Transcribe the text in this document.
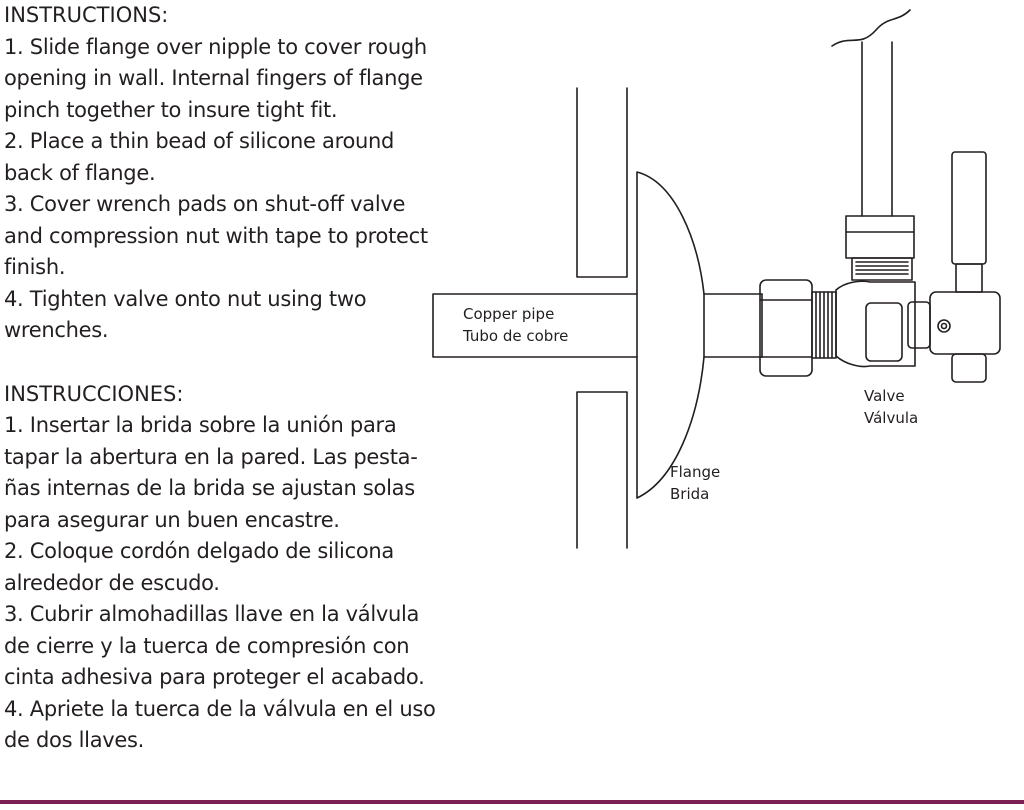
INSTRUCTIONS:
1. Slide flange over nipple to cover rough
opening in wall. Internal fingers of flange
pinch together to insure tight fit.
2. Place a thin bead of silicone around
back of flange.
3. Cover wrench pads on shut-off valve
and compression nut with tape to protect
finish.
4. Tighten valve onto nut using two
wrenches.
INSTRUCCIONES:
1. Insertar la brida sobre la unión para
tapar la abertura en la pared. Las pesta-
ñas internas de la brida se ajustan solas
para asegurar un buen encastre.
2. Coloque cordón delgado de silicona
alrededor de escudo.
3. Cubrir almohadillas llave en la válvula
de cierre y la tuerca de compresión con
cinta adhesiva para proteger el acabado.
4. Apriete la tuerca de la válvula en el uso
de dos llaves.
Copper pipe
Tubo de cobre
Valve
Válvula
Flange
Brida
